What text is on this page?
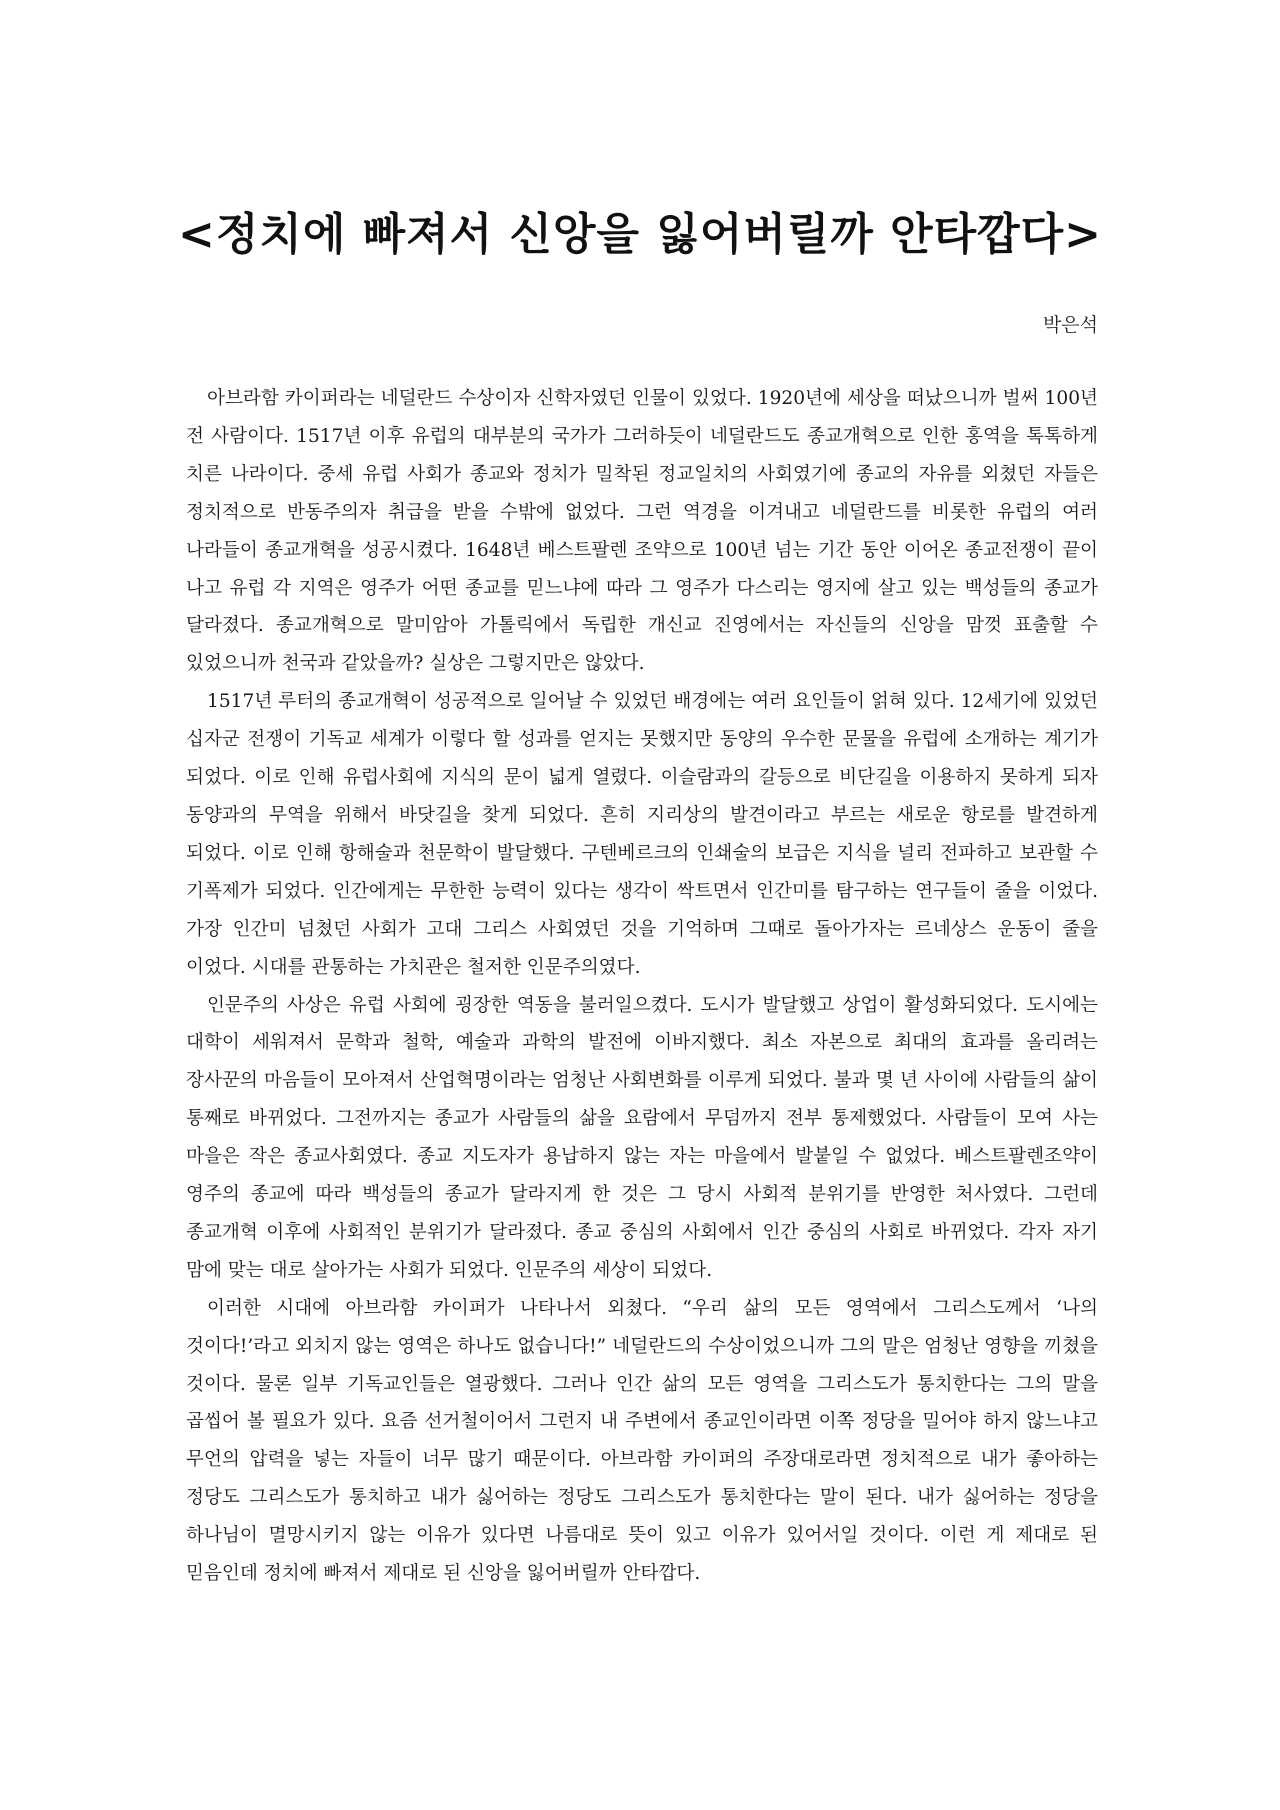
<정치에 빠져서 신앙을 잃어버릴까 안타깝다>
박은석

아브라함 카이퍼라는 네덜란드 수상이자 신학자였던 인물이 있었다. 1920년에 세상을 떠났으니까 벌써 100년 전 사람이다. 1517년 이후 유럽의 대부분의 국가가 그러하듯이 네덜란드도 종교개혁으로 인한 홍역을 톡톡하게 치른 나라이다. 중세 유럽 사회가 종교와 정치가 밀착된 정교일치의 사회였기에 종교의 자유를 외쳤던 자들은 정치적으로 반동주의자 취급을 받을 수밖에 없었다. 그런 역경을 이겨내고 네덜란드를 비롯한 유럽의 여러 나라들이 종교개혁을 성공시켰다. 1648년 베스트팔렌 조약으로 100년 넘는 기간 동안 이어온 종교전쟁이 끝이 나고 유럽 각 지역은 영주가 어떤 종교를 믿느냐에 따라 그 영주가 다스리는 영지에 살고 있는 백성들의 종교가 달라졌다. 종교개혁으로 말미암아 가톨릭에서 독립한 개신교 진영에서는 자신들의 신앙을 맘껏 표출할 수 있었으니까 천국과 같았을까? 실상은 그렇지만은 않았다.

1517년 루터의 종교개혁이 성공적으로 일어날 수 있었던 배경에는 여러 요인들이 얽혀 있다. 12세기에 있었던 십자군 전쟁이 기독교 세계가 이렇다 할 성과를 얻지는 못했지만 동양의 우수한 문물을 유럽에 소개하는 계기가 되었다. 이로 인해 유럽사회에 지식의 문이 넓게 열렸다. 이슬람과의 갈등으로 비단길을 이용하지 못하게 되자 동양과의 무역을 위해서 바닷길을 찾게 되었다. 흔히 지리상의 발견이라고 부르는 새로운 항로를 발견하게 되었다. 이로 인해 항해술과 천문학이 발달했다. 구텐베르크의 인쇄술의 보급은 지식을 널리 전파하고 보관할 수 기폭제가 되었다. 인간에게는 무한한 능력이 있다는 생각이 싹트면서 인간미를 탐구하는 연구들이 줄을 이었다. 가장 인간미 넘쳤던 사회가 고대 그리스 사회였던 것을 기억하며 그때로 돌아가자는 르네상스 운동이 줄을 이었다. 시대를 관통하는 가치관은 철저한 인문주의였다.

인문주의 사상은 유럽 사회에 굉장한 역동을 불러일으켰다. 도시가 발달했고 상업이 활성화되었다. 도시에는 대학이 세워져서 문학과 철학, 예술과 과학의 발전에 이바지했다. 최소 자본으로 최대의 효과를 올리려는 장사꾼의 마음들이 모아져서 산업혁명이라는 엄청난 사회변화를 이루게 되었다. 불과 몇 년 사이에 사람들의 삶이 통째로 바뀌었다. 그전까지는 종교가 사람들의 삶을 요람에서 무덤까지 전부 통제했었다. 사람들이 모여 사는 마을은 작은 종교사회였다. 종교 지도자가 용납하지 않는 자는 마을에서 발붙일 수 없었다. 베스트팔렌조약이 영주의 종교에 따라 백성들의 종교가 달라지게 한 것은 그 당시 사회적 분위기를 반영한 처사였다. 그런데 종교개혁 이후에 사회적인 분위기가 달라졌다. 종교 중심의 사회에서 인간 중심의 사회로 바뀌었다. 각자 자기 맘에 맞는 대로 살아가는 사회가 되었다. 인문주의 세상이 되었다.

이러한 시대에 아브라함 카이퍼가 나타나서 외쳤다. “우리 삶의 모든 영역에서 그리스도께서 ‘나의 것이다!’라고 외치지 않는 영역은 하나도 없습니다!” 네덜란드의 수상이었으니까 그의 말은 엄청난 영향을 끼쳤을 것이다. 물론 일부 기독교인들은 열광했다. 그러나 인간 삶의 모든 영역을 그리스도가 통치한다는 그의 말을 곱씹어 볼 필요가 있다. 요즘 선거철이어서 그런지 내 주변에서 종교인이라면 이쪽 정당을 밀어야 하지 않느냐고 무언의 압력을 넣는 자들이 너무 많기 때문이다. 아브라함 카이퍼의 주장대로라면 정치적으로 내가 좋아하는 정당도 그리스도가 통치하고 내가 싫어하는 정당도 그리스도가 통치한다는 말이 된다. 내가 싫어하는 정당을 하나님이 멸망시키지 않는 이유가 있다면 나름대로 뜻이 있고 이유가 있어서일 것이다. 이런 게 제대로 된 믿음인데 정치에 빠져서 제대로 된 신앙을 잃어버릴까 안타깝다.
